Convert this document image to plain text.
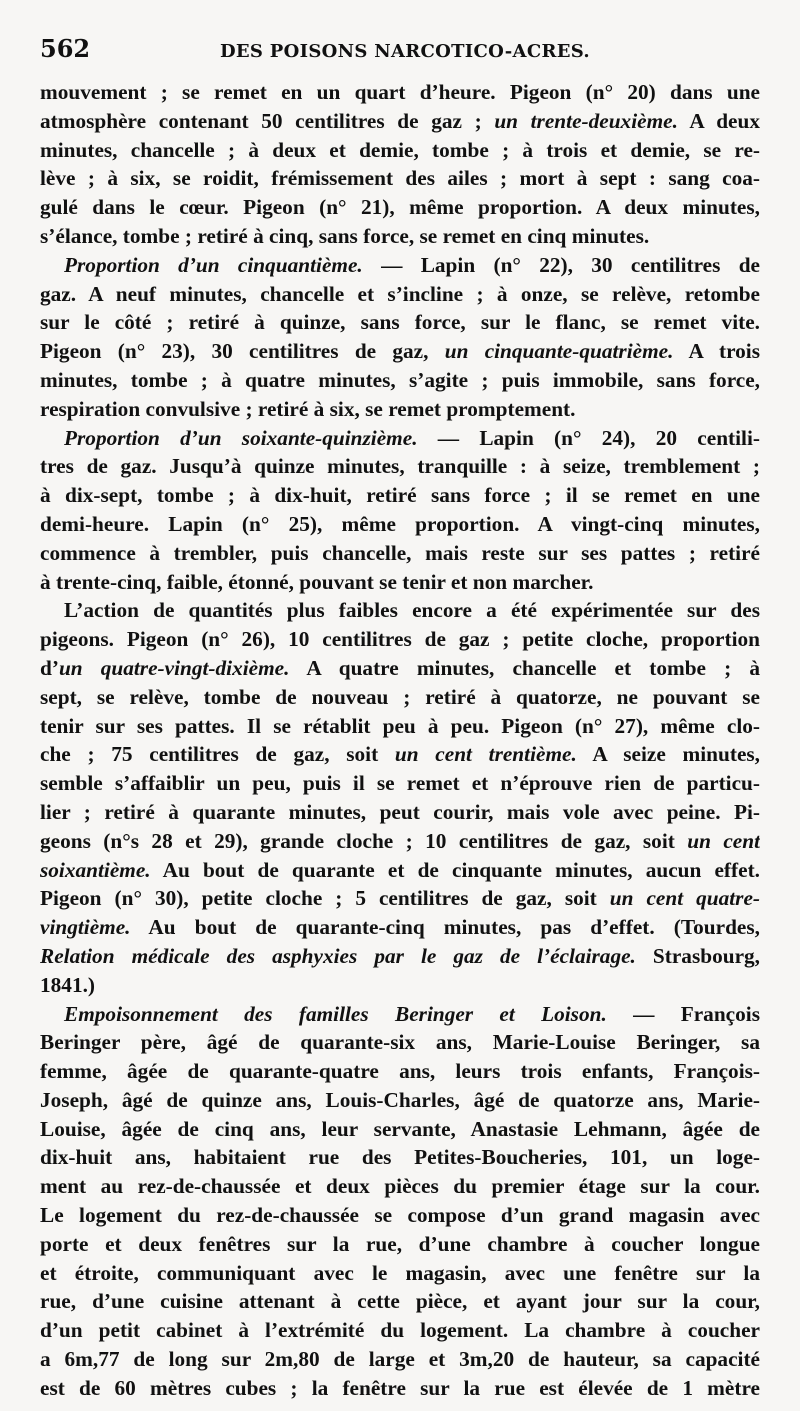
562	DES POISONS NARCOTICO-ACRES.
mouvement ; se remet en un quart d’heure. Pigeon (n° 20) dans une
atmosphère contenant 50 centilitres de gaz ; un trente-deuxième. A deux
minutes, chancelle ; à deux et demie, tombe ; à trois et demie, se re-
lève ; à six, se roidit, frémissement des ailes ; mort à sept : sang coa-
gulé dans le cœur. Pigeon (n° 21), même proportion. A deux minutes,
s’élance, tombe ; retiré à cinq, sans force, se remet en cinq minutes.
Proportion d’un cinquantième. — Lapin (n° 22), 30 centilitres de
gaz. A neuf minutes, chancelle et s’incline ; à onze, se relève, retombe
sur le côté ; retiré à quinze, sans force, sur le flanc, se remet vite.
Pigeon (n° 23), 30 centilitres de gaz, un cinquante-quatrième. A trois
minutes, tombe ; à quatre minutes, s’agite ; puis immobile, sans force,
respiration convulsive ; retiré à six, se remet promptement.
Proportion d’un soixante-quinzième. — Lapin (n° 24), 20 centili-
tres de gaz. Jusqu’à quinze minutes, tranquille : à seize, tremblement ;
à dix-sept, tombe ; à dix-huit, retiré sans force ; il se remet en une
demi-heure. Lapin (n° 25), même proportion. A vingt-cinq minutes,
commence à trembler, puis chancelle, mais reste sur ses pattes ; retiré
à trente-cinq, faible, étonné, pouvant se tenir et non marcher.
L’action de quantités plus faibles encore a été expérimentée sur des
pigeons. Pigeon (n° 26), 10 centilitres de gaz ; petite cloche, proportion
d’un quatre-vingt-dixième. A quatre minutes, chancelle et tombe ; à
sept, se relève, tombe de nouveau ; retiré à quatorze, ne pouvant se
tenir sur ses pattes. Il se rétablit peu à peu. Pigeon (n° 27), même clo-
che ; 75 centilitres de gaz, soit un cent trentième. A seize minutes,
semble s’affaiblir un peu, puis il se remet et n’éprouve rien de particu-
lier ; retiré à quarante minutes, peut courir, mais vole avec peine. Pi-
geons (n°s 28 et 29), grande cloche ; 10 centilitres de gaz, soit un cent
soixantième. Au bout de quarante et de cinquante minutes, aucun effet.
Pigeon (n° 30), petite cloche ; 5 centilitres de gaz, soit un cent quatre-
vingtième. Au bout de quarante-cinq minutes, pas d’effet. (Tourdes,
Relation médicale des asphyxies par le gaz de l’éclairage. Strasbourg,
1841.)
Empoisonnement des familles Beringer et Loison. — François
Beringer père, âgé de quarante-six ans, Marie-Louise Beringer, sa
femme, âgée de quarante-quatre ans, leurs trois enfants, François-
Joseph, âgé de quinze ans, Louis-Charles, âgé de quatorze ans, Marie-
Louise, âgée de cinq ans, leur servante, Anastasie Lehmann, âgée de
dix-huit ans, habitaient rue des Petites-Boucheries, 101, un loge-
ment au rez-de-chaussée et deux pièces du premier étage sur la cour.
Le logement du rez-de-chaussée se compose d’un grand magasin avec
porte et deux fenêtres sur la rue, d’une chambre à coucher longue
et étroite, communiquant avec le magasin, avec une fenêtre sur la
rue, d’une cuisine attenant à cette pièce, et ayant jour sur la cour,
d’un petit cabinet à l’extrémité du logement. La chambre à coucher
a 6m,77 de long sur 2m,80 de large et 3m,20 de hauteur, sa capacité
est de 60 mètres cubes ; la fenêtre sur la rue est élevée de 1 mètre
